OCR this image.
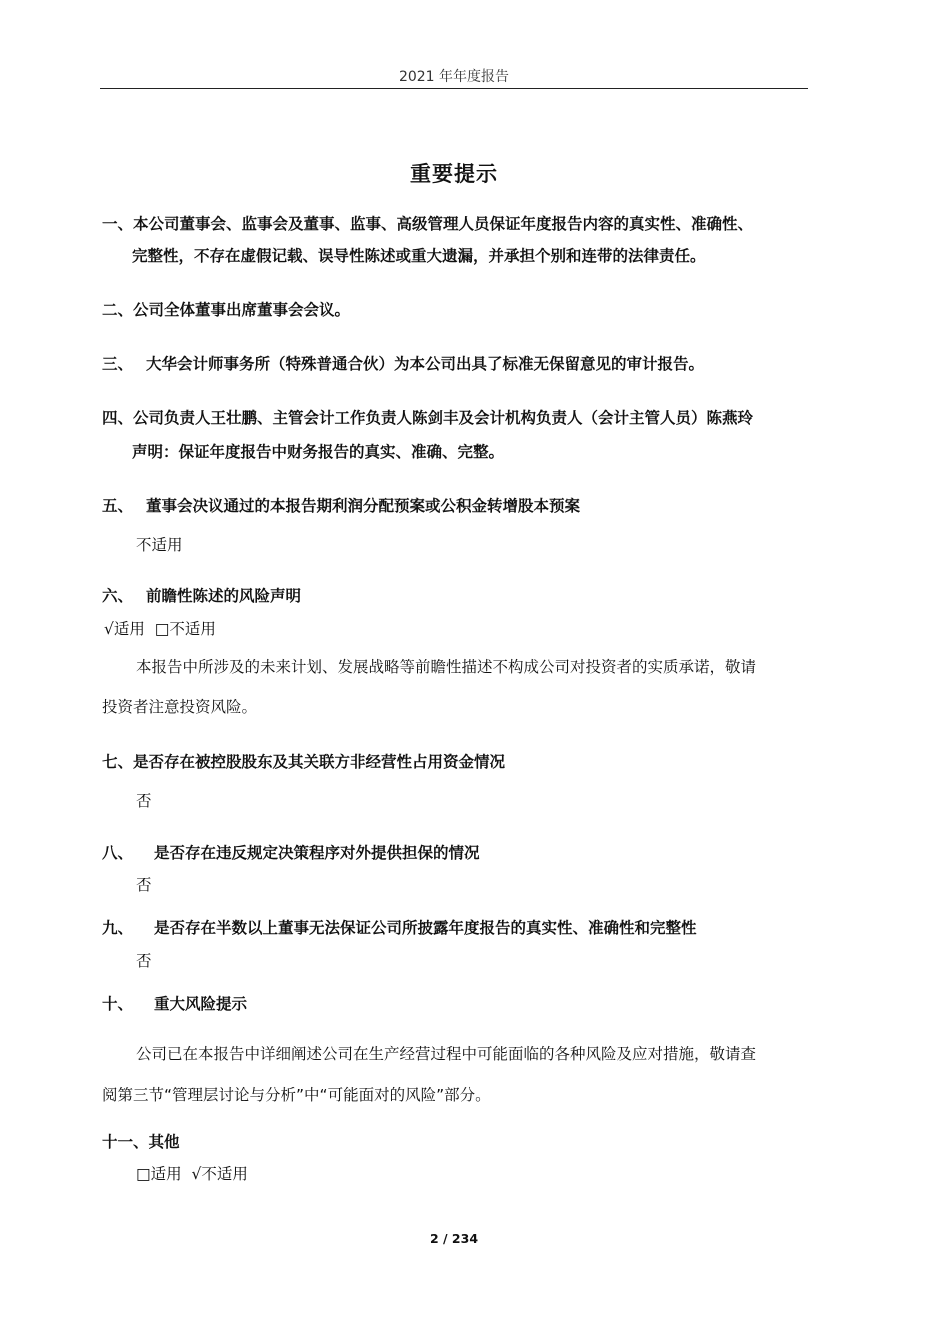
2021 年年度报告
重要提示
一、本公司董事会、监事会及董事、监事、高级管理人员保证年度报告内容的真实性、准确性、
完整性，不存在虚假记载、误导性陈述或重大遗漏，并承担个别和连带的法律责任。
二、公司全体董事出席董事会会议。
三、 大华会计师事务所（特殊普通合伙）为本公司出具了标准无保留意见的审计报告。
四、公司负责人王壮鹏、主管会计工作负责人陈剑丰及会计机构负责人（会计主管人员）陈燕玲
声明：保证年度报告中财务报告的真实、准确、完整。
五、 董事会决议通过的本报告期利润分配预案或公积金转增股本预案
不适用
六、 前瞻性陈述的风险声明
√适用  □不适用
本报告中所涉及的未来计划、发展战略等前瞻性描述不构成公司对投资者的实质承诺，敬请
投资者注意投资风险。
七、是否存在被控股股东及其关联方非经营性占用资金情况
否
八、 是否存在违反规定决策程序对外提供担保的情况
否
九、 是否存在半数以上董事无法保证公司所披露年度报告的真实性、准确性和完整性
否
十、 重大风险提示
公司已在本报告中详细阐述公司在生产经营过程中可能面临的各种风险及应对措施，敬请查
阅第三节“管理层讨论与分析”中“可能面对的风险”部分。
十一、其他
□适用  √不适用
2 / 234
